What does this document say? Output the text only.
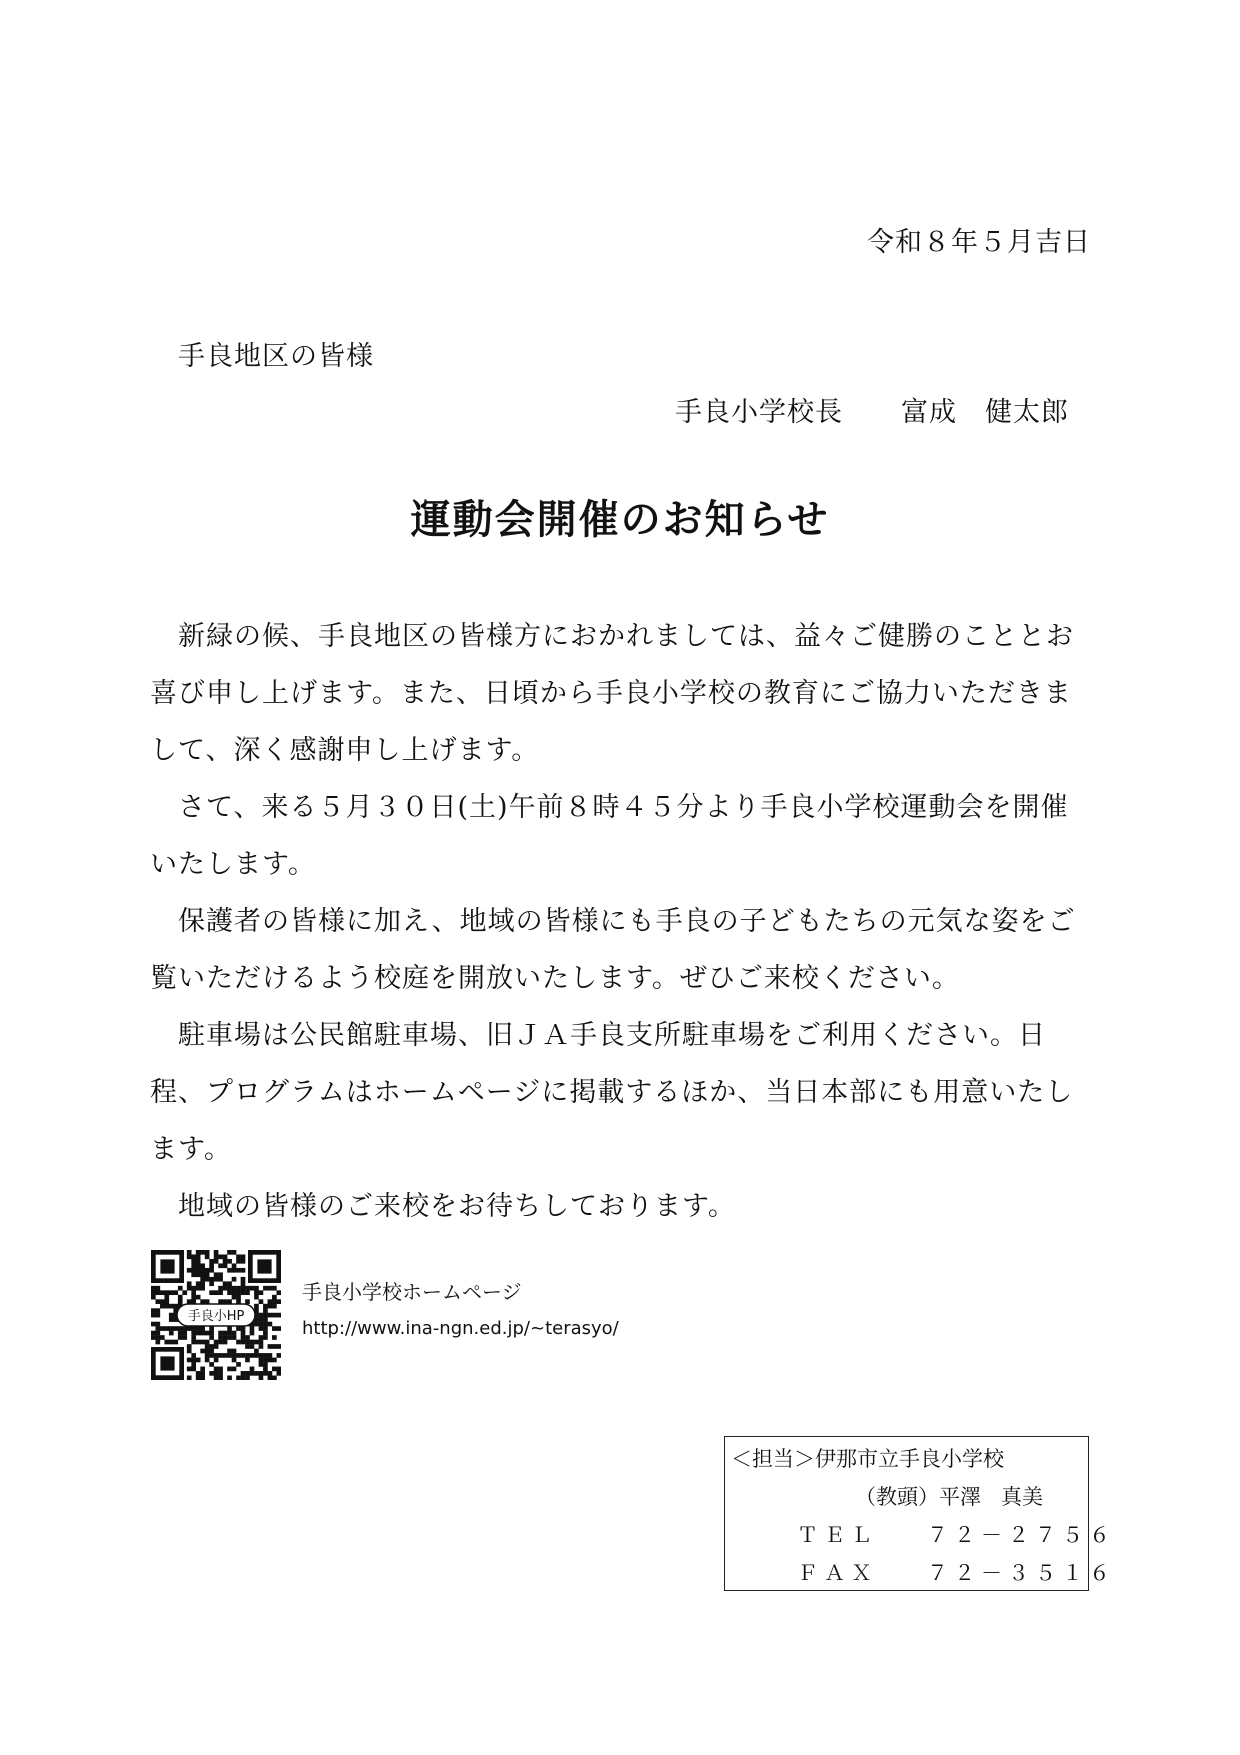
令和８年５月吉日
手良地区の皆様
手良小学校長 富成 健太郎
運動会開催のお知らせ

新緑の候、手良地区の皆様方におかれましては、益々ご健勝のこととお喜び申し上げます。また、日頃から手良小学校の教育にご協力いただきまして、深く感謝申し上げます。

さて、来る５月３０日(土)午前８時４５分より手良小学校運動会を開催いたします。

保護者の皆様に加え、地域の皆様にも手良の子どもたちの元気な姿をご覧いただけるよう校庭を開放いたします。ぜひご来校ください。

駐車場は公民館駐車場、旧ＪＡ手良支所駐車場をご利用ください。日程、プログラムはホームページに掲載するほか、当日本部にも用意いたします。

地域の皆様のご来校をお待ちしております。

手良小HP
手良小学校ホームページ
http://www.ina-ngn.ed.jp/~terasyo/
＜担当＞伊那市立手良小学校
（教頭）平澤 真美
ＴＥＬ ７２－２７５６
ＦＡＸ ７２－３５１６
